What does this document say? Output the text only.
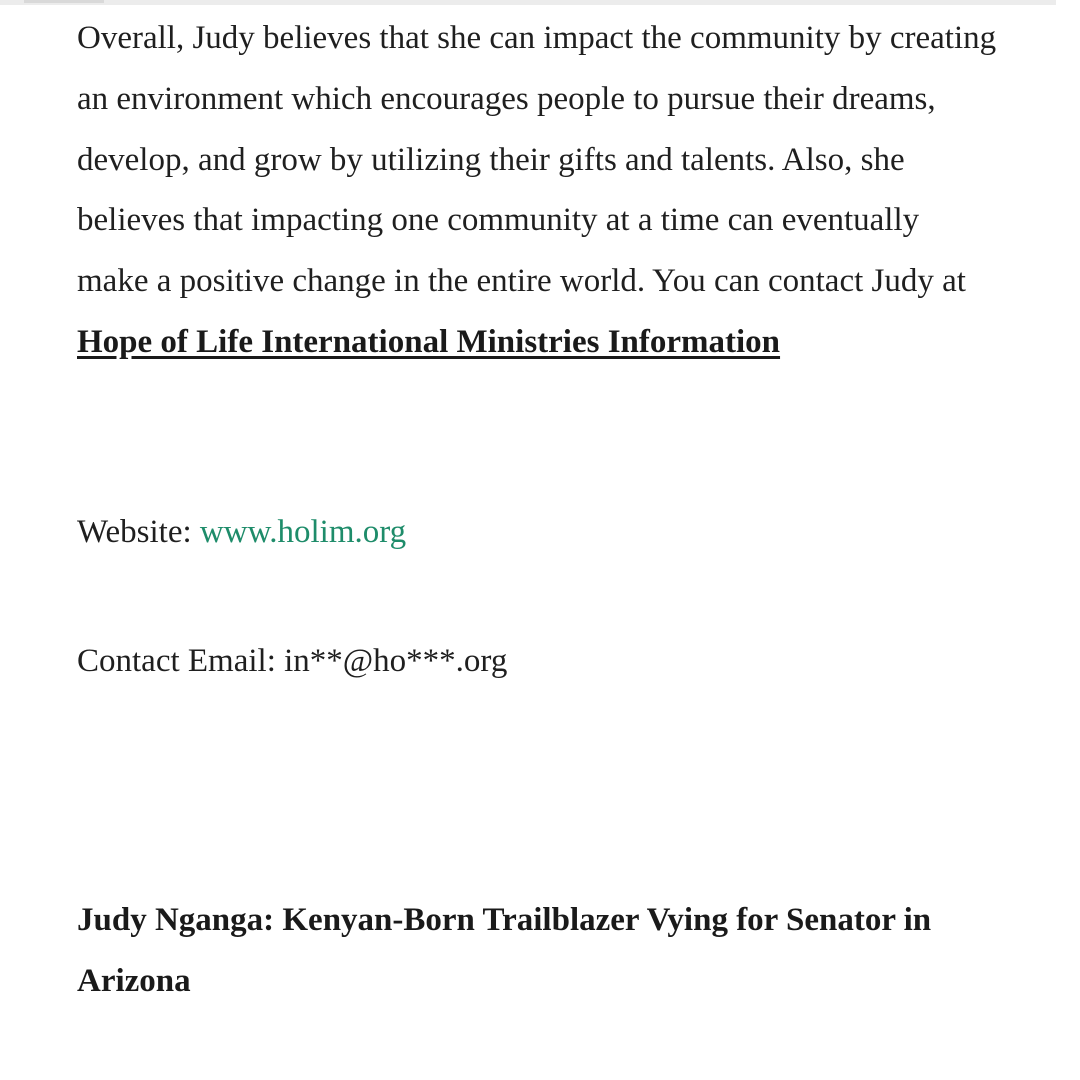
Overall, Judy believes that she can impact the community by creating an environment which encourages people to pursue their dreams, develop, and grow by utilizing their gifts and talents. Also, she believes that impacting one community at a time can eventually make a positive change in the entire world. You can contact Judy at Hope of Life International Ministries Information

Website: www.holim.org

Contact Email: in**@ho***.org

Judy Nganga: Kenyan-Born Trailblazer Vying for Senator in Arizona
